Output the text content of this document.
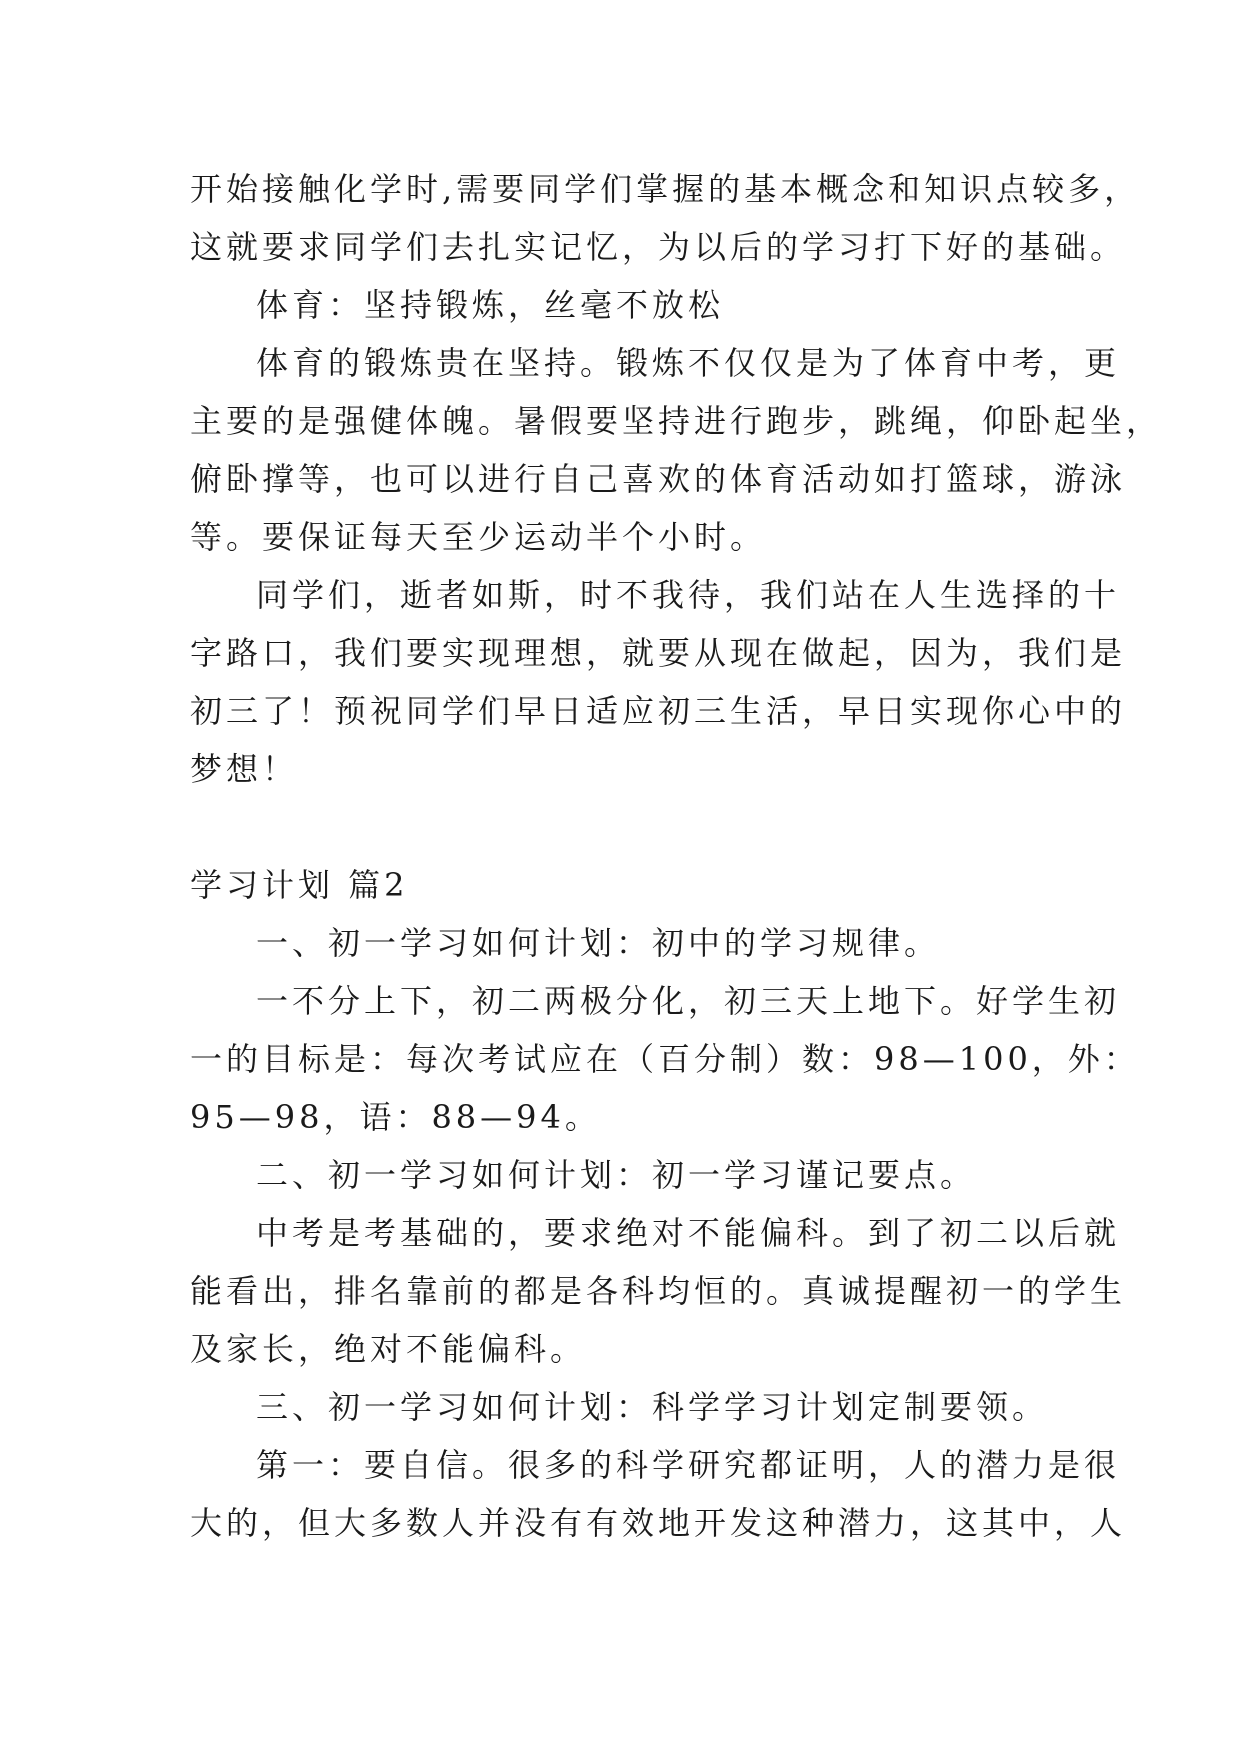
开始接触化学时,需要同学们掌握的基本概念和知识点较多，
这就要求同学们去扎实记忆，为以后的学习打下好的基础。
体育：坚持锻炼，丝毫不放松
体育的锻炼贵在坚持。锻炼不仅仅是为了体育中考，更
主要的是强健体魄。暑假要坚持进行跑步，跳绳，仰卧起坐，
俯卧撑等，也可以进行自己喜欢的体育活动如打篮球，游泳
等。要保证每天至少运动半个小时。
同学们，逝者如斯，时不我待，我们站在人生选择的十
字路口，我们要实现理想，就要从现在做起，因为，我们是
初三了！预祝同学们早日适应初三生活，早日实现你心中的
梦想！
学习计划 篇2
一、初一学习如何计划：初中的学习规律。
一不分上下，初二两极分化，初三天上地下。好学生初
一的目标是：每次考试应在（百分制）数：98—100，外：
95—98，语：88—94。
二、初一学习如何计划：初一学习谨记要点。
中考是考基础的，要求绝对不能偏科。到了初二以后就
能看出，排名靠前的都是各科均恒的。真诚提醒初一的学生
及家长，绝对不能偏科。
三、初一学习如何计划：科学学习计划定制要领。
第一：要自信。很多的科学研究都证明，人的潜力是很
大的，但大多数人并没有有效地开发这种潜力，这其中，人
